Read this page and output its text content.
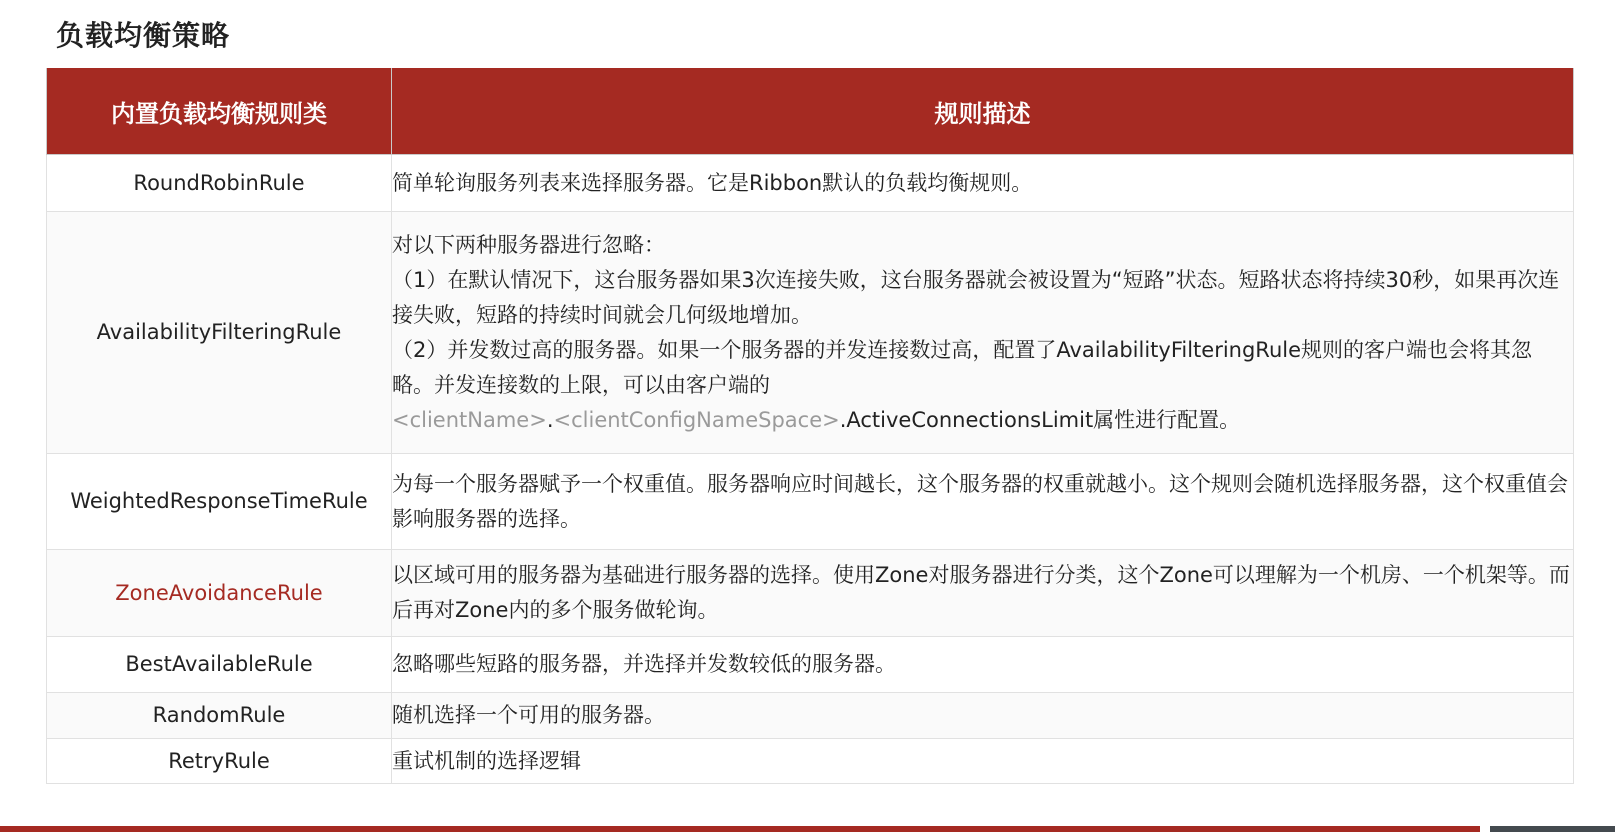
负载均衡策略
内置负载均衡规则类	规则描述
RoundRobinRule	简单轮询服务列表来选择服务器。它是Ribbon默认的负载均衡规则。
AvailabilityFilteringRule	对以下两种服务器进行忽略：
（1）在默认情况下，这台服务器如果3次连接失败，这台服务器就会被设置为“短路”状态。短路状态将持续30秒，如果再次连接失败，短路的持续时间就会几何级地增加。
（2）并发数过高的服务器。如果一个服务器的并发连接数过高，配置了AvailabilityFilteringRule规则的客户端也会将其忽略。并发连接数的上限，可以由客户端的
<clientName>.<clientConfigNameSpace>.ActiveConnectionsLimit属性进行配置。

WeightedResponseTimeRule	为每一个服务器赋予一个权重值。服务器响应时间越长，这个服务器的权重就越小。这个规则会随机选择服务器，这个权重值会影响服务器的选择。
ZoneAvoidanceRule	以区域可用的服务器为基础进行服务器的选择。使用Zone对服务器进行分类，这个Zone可以理解为一个机房、一个机架等。而后再对Zone内的多个服务做轮询。
BestAvailableRule	忽略哪些短路的服务器，并选择并发数较低的服务器。
RandomRule	随机选择一个可用的服务器。
RetryRule	重试机制的选择逻辑
